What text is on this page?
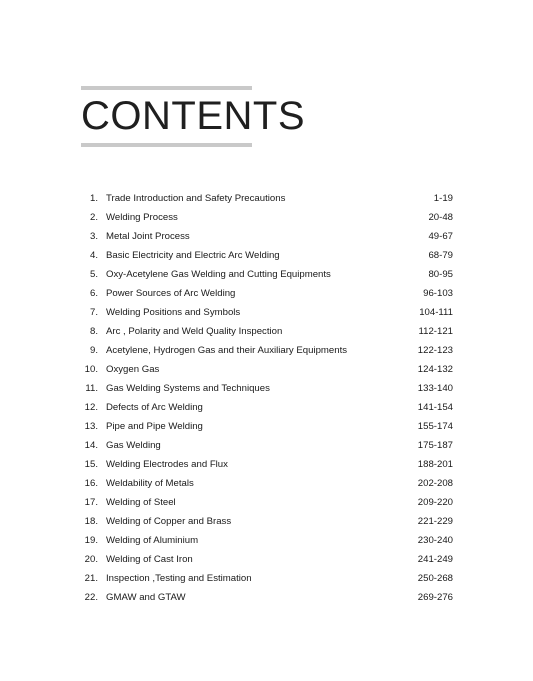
CONTENTS
1. Trade Introduction and Safety Precautions	1-19
2. Welding Process	20-48
3. Metal Joint Process	49-67
4. Basic Electricity and Electric Arc Welding	68-79
5. Oxy-Acetylene Gas Welding and Cutting Equipments	80-95
6. Power Sources of Arc Welding	96-103
7. Welding Positions and Symbols	104-111
8. Arc , Polarity and Weld Quality Inspection	112-121
9. Acetylene, Hydrogen Gas and their Auxiliary Equipments	122-123
10. Oxygen Gas	124-132
11. Gas Welding Systems and Techniques	133-140
12. Defects of Arc Welding	141-154
13. Pipe and Pipe Welding	155-174
14. Gas Welding	175-187
15. Welding Electrodes and Flux	188-201
16. Weldability of Metals	202-208
17. Welding of Steel	209-220
18. Welding of Copper and Brass	221-229
19. Welding of Aluminium	230-240
20. Welding of Cast Iron	241-249
21. Inspection ,Testing and Estimation	250-268
22. GMAW and GTAW	269-276
